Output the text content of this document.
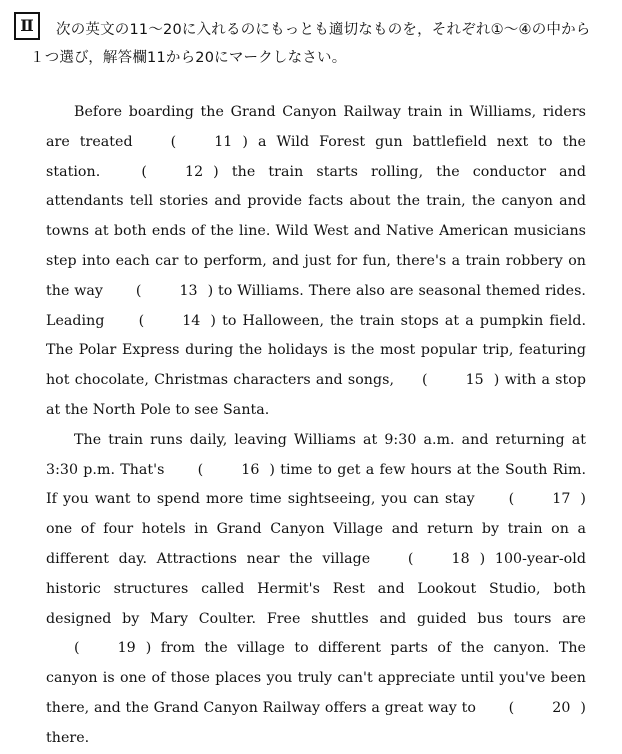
Ⅱ	次の英文の11〜20に入れるのにもっとも適切なものを，それぞれ①〜④の中から１つ選び，解答欄11から20にマークしなさい。

Before boarding the Grand Canyon Railway train in Williams, riders are treated	(	11 ) a Wild Forest gun battlefield next to the station.	(	12 ) the train starts rolling, the conductor and attendants tell stories and provide facts about the train, the canyon and towns at both ends of the line. Wild West and Native American musicians step into each car to perform, and just for fun, there's a train robbery on the way (	13 ) to Williams. There also are seasonal themed rides. Leading (	14 ) to Halloween, the train stops at a pumpkin field. The Polar Express during the holidays is the most popular trip, featuring hot chocolate, Christmas characters and songs, (	15 ) with a stop at the North Pole to see Santa.

The train runs daily, leaving Williams at 9:30 a.m. and returning at 3:30 p.m. That's (	16 ) time to get a few hours at the South Rim. If you want to spend more time sightseeing, you can stay (	17 ) one of four hotels in Grand Canyon Village and return by train on a different day. Attractions near the village	(	18 ) 100-year-old historic structures called Hermit's Rest and Lookout Studio, both designed by Mary Coulter. Free shuttles and guided bus tours are (	19 ) from the village to different parts of the canyon. The canyon is one of those places you truly can't appreciate until you've been there, and the Grand Canyon Railway offers a great way to (	20 ) there.
